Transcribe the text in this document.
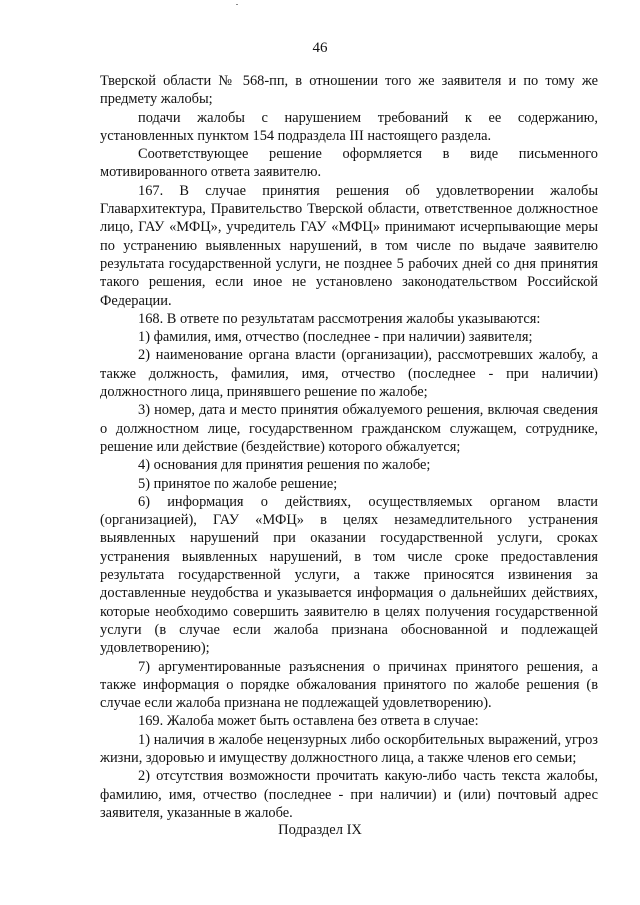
46

Тверской области № 568-пп, в отношении того же заявителя и по тому же предмету жалобы;

подачи жалобы с нарушением требований к ее содержанию, установленных пунктом 154 подраздела III настоящего раздела.

Соответствующее решение оформляется в виде письменного мотивированного ответа заявителю.

167. В случае принятия решения об удовлетворении жалобы Главархитектура, Правительство Тверской области, ответственное должностное лицо, ГАУ «МФЦ», учредитель ГАУ «МФЦ» принимают исчерпывающие меры по устранению выявленных нарушений, в том числе по выдаче заявителю результата государственной услуги, не позднее 5 рабочих дней со дня принятия такого решения, если иное не установлено законодательством Российской Федерации.

168. В ответе по результатам рассмотрения жалобы указываются:

1) фамилия, имя, отчество (последнее - при наличии) заявителя;

2) наименование органа власти (организации), рассмотревших жалобу, а также должность, фамилия, имя, отчество (последнее - при наличии) должностного лица, принявшего решение по жалобе;

3) номер, дата и место принятия обжалуемого решения, включая сведения о должностном лице, государственном гражданском служащем, сотруднике, решение или действие (бездействие) которого обжалуется;

4) основания для принятия решения по жалобе;

5) принятое по жалобе решение;

6) информация о действиях, осуществляемых органом власти (организацией), ГАУ «МФЦ» в целях незамедлительного устранения выявленных нарушений при оказании государственной услуги, сроках устранения выявленных нарушений, в том числе сроке предоставления результата государственной услуги, а также приносятся извинения за доставленные неудобства и указывается информация о дальнейших действиях, которые необходимо совершить заявителю в целях получения государственной услуги (в случае если жалоба признана обоснованной и подлежащей удовлетворению);

7) аргументированные разъяснения о причинах принятого решения, а также информация о порядке обжалования принятого по жалобе решения (в случае если жалоба признана не подлежащей удовлетворению).

169. Жалоба может быть оставлена без ответа в случае:

1) наличия в жалобе нецензурных либо оскорбительных выражений, угроз жизни, здоровью и имуществу должностного лица, а также членов его семьи;

2) отсутствия возможности прочитать какую-либо часть текста жалобы, фамилию, имя, отчество (последнее - при наличии) и (или) почтовый адрес заявителя, указанные в жалобе.

Подраздел IX
